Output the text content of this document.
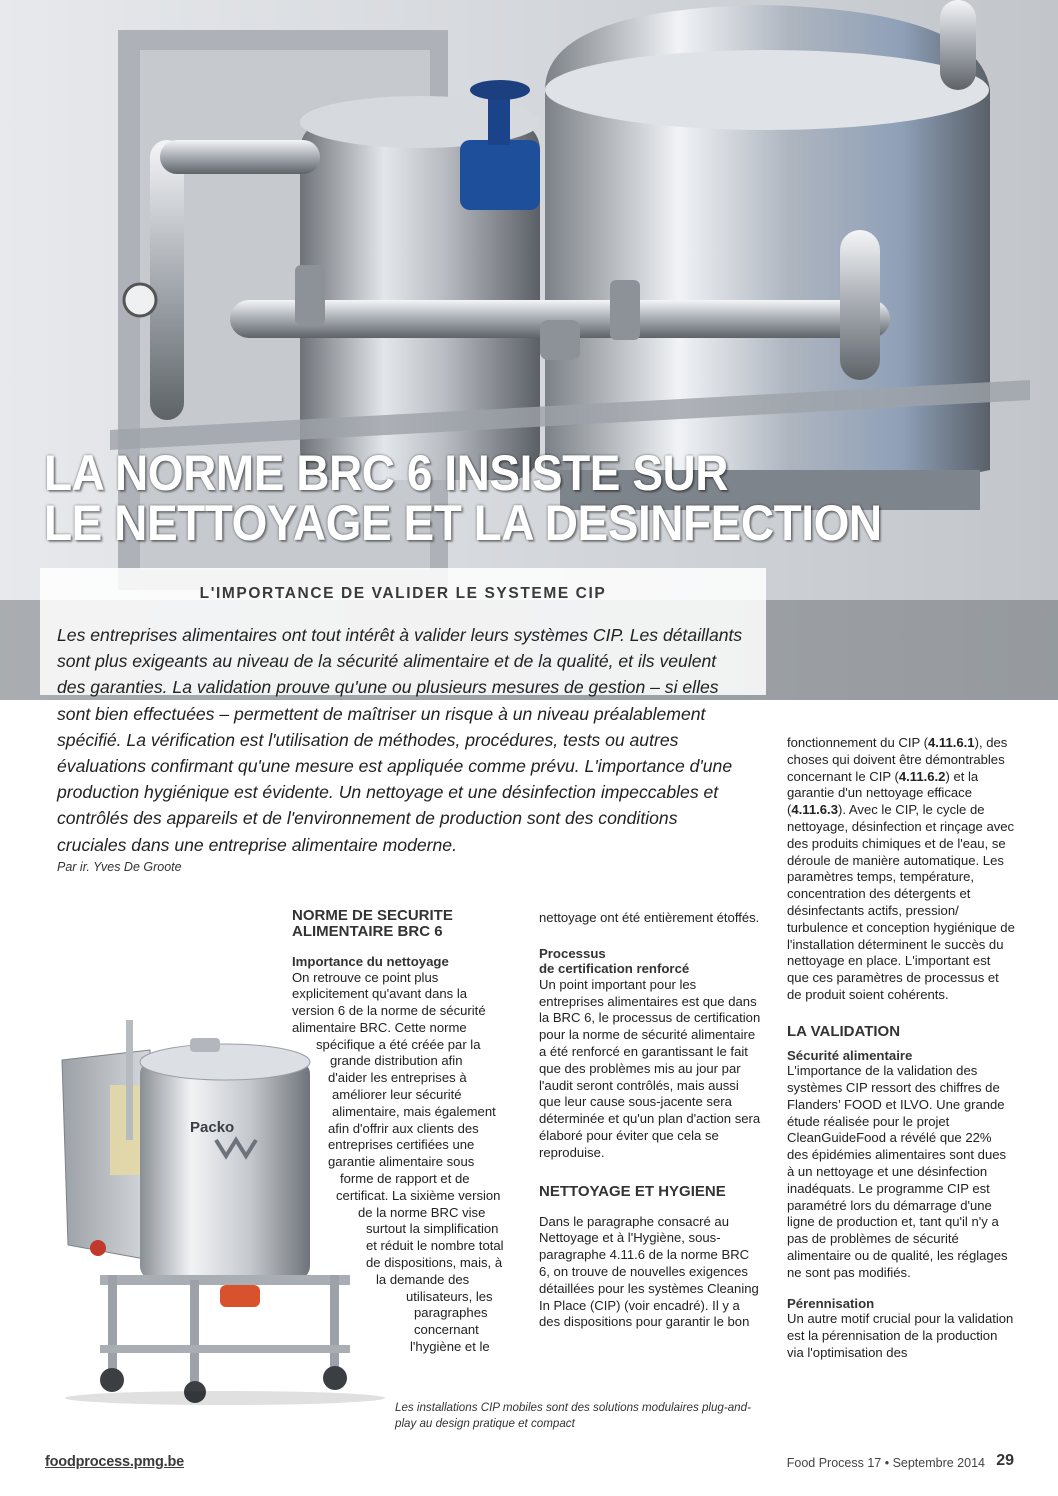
LA NORME BRC 6 INSISTE SUR
LE NETTOYAGE ET LA DESINFECTION
L'IMPORTANCE DE VALIDER LE SYSTEME CIP

Les entreprises alimentaires ont tout intérêt à valider leurs systèmes CIP. Les détaillants sont plus exigeants au niveau de la sécurité alimentaire et de la qualité, et ils veulent des garanties. La validation prouve qu'une ou plusieurs mesures de gestion – si elles sont bien effectuées – permettent de maîtriser un risque à un niveau préalablement spécifié. La vérification est l'utilisation de méthodes, procédures, tests ou autres évaluations confirmant qu'une mesure est appliquée comme prévu. L'importance d'une production hygiénique est évidente. Un nettoyage et une désinfection impeccables et contrôlés des appareils et de l'environnement de production sont des conditions cruciales dans une entreprise alimentaire moderne.

Par ir. Yves De Groote

NORME DE SECURITE

ALIMENTAIRE BRC 6

Importance du nettoyage

On retrouve ce point plus

explicitement qu'avant dans la

version 6 de la norme de sécurité

alimentaire BRC. Cette norme

spécifique a été créée par la

grande distribution afin

d'aider les entreprises à

améliorer leur sécurité

alimentaire, mais également

afin d'offrir aux clients des

entreprises certifiées une

garantie alimentaire sous

forme de rapport et de

certificat. La sixième version

de la norme BRC vise

surtout la simplification

et réduit le nombre total

de dispositions, mais, à

la demande des

utilisateurs, les

paragraphes

concernant

l'hygiène et le

nettoyage ont été entièrement étoffés.

Processus

de certification renforcé

Un point important pour les entreprises alimentaires est que dans la BRC 6, le processus de certification pour la norme de sécurité alimentaire a été renforcé en garantissant le fait que des problèmes mis au jour par l'audit seront contrôlés, mais aussi que leur cause sous-jacente sera déterminée et qu'un plan d'action sera élaboré pour éviter que cela se reproduise.

NETTOYAGE ET HYGIENE

Dans le paragraphe consacré au Nettoyage et à l'Hygiène, sous-paragraphe 4.11.6 de la norme BRC 6, on trouve de nouvelles exigences détaillées pour les systèmes Cleaning In Place (CIP) (voir encadré). Il y a des dispositions pour garantir le bon

fonctionnement du CIP (4.11.6.1), des choses qui doivent être démontrables concernant le CIP (4.11.6.2) et la garantie d'un nettoyage efficace (4.11.6.3). Avec le CIP, le cycle de nettoyage, désinfection et rinçage avec des produits chimiques et de l'eau, se déroule de manière automatique. Les paramètres temps, température, concentration des détergents et désinfectants actifs, pression/ turbulence et conception hygiénique de l'installation déterminent le succès du nettoyage en place. L'important est que ces paramètres de processus et de produit soient cohérents.

LA VALIDATION

Sécurité alimentaire

L'importance de la validation des systèmes CIP ressort des chiffres de Flanders’ FOOD et ILVO. Une grande étude réalisée pour le projet CleanGuideFood a révélé que 22% des épidémies alimentaires sont dues à un nettoyage et une désinfection inadéquats. Le programme CIP est paramétré lors du démarrage d'une ligne de production et, tant qu'il n'y a pas de problèmes de sécurité alimentaire ou de qualité, les réglages ne sont pas modifiés.

Pérennisation

Un autre motif crucial pour la validation est la pérennisation de la production via l'optimisation des

Packo

Les installations CIP mobiles sont des solutions modulaires plug-and-play au design pratique et compact

foodprocess.pmg.be	Food Process 17 • Septembre 2014 29
